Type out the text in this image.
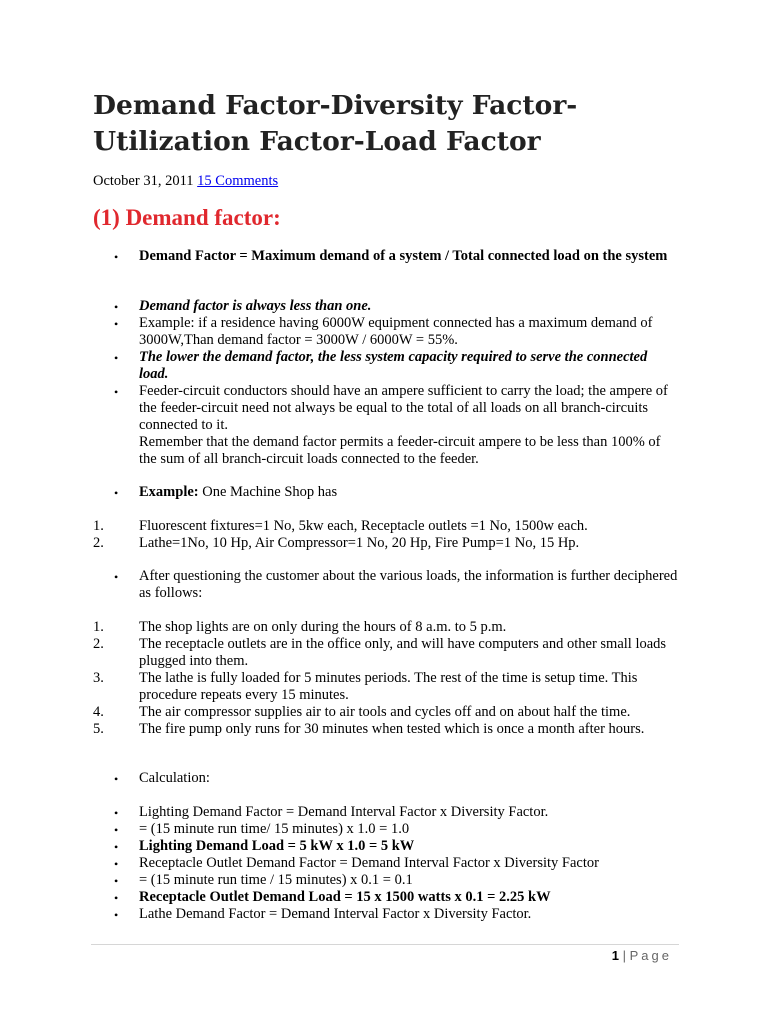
Demand Factor-Diversity Factor-
Utilization Factor-Load Factor
October 31, 2011 15 Comments
(1) Demand factor:
• Demand Factor = Maximum demand of a system / Total connected load on the system
• Demand factor is always less than one.
• Example: if a residence having 6000W equipment connected has a maximum demand of 3000W,Than demand factor = 3000W / 6000W = 55%.
• The lower the demand factor, the less system capacity required to serve the connected load.
• Feeder-circuit conductors should have an ampere sufficient to carry the load; the ampere of the feeder-circuit need not always be equal to the total of all loads on all branch-circuits connected to it.
Remember that the demand factor permits a feeder-circuit ampere to be less than 100% of the sum of all branch-circuit loads connected to the feeder.
• Example: One Machine Shop has
1.	Fluorescent fixtures=1 No, 5kw each, Receptacle outlets =1 No, 1500w each.
2.	Lathe=1No, 10 Hp, Air Compressor=1 No, 20 Hp, Fire Pump=1 No, 15 Hp.
• After questioning the customer about the various loads, the information is further deciphered as follows:
1.	The shop lights are on only during the hours of 8 a.m. to 5 p.m.
2.	The receptacle outlets are in the office only, and will have computers and other small loads plugged into them.
3.	The lathe is fully loaded for 5 minutes periods. The rest of the time is setup time. This procedure repeats every 15 minutes.
4.	The air compressor supplies air to air tools and cycles off and on about half the time.
5.	The fire pump only runs for 30 minutes when tested which is once a month after hours.
• Calculation:
• Lighting Demand Factor = Demand Interval Factor x Diversity Factor.
• = (15 minute run time/ 15 minutes) x 1.0 = 1.0
• Lighting Demand Load = 5 kW x 1.0 = 5 kW
• Receptacle Outlet Demand Factor = Demand Interval Factor x Diversity Factor
• = (15 minute run time / 15 minutes) x 0.1 = 0.1
• Receptacle Outlet Demand Load = 15 x 1500 watts x 0.1 = 2.25 kW
• Lathe Demand Factor = Demand Interval Factor x Diversity Factor.
1 | Page
